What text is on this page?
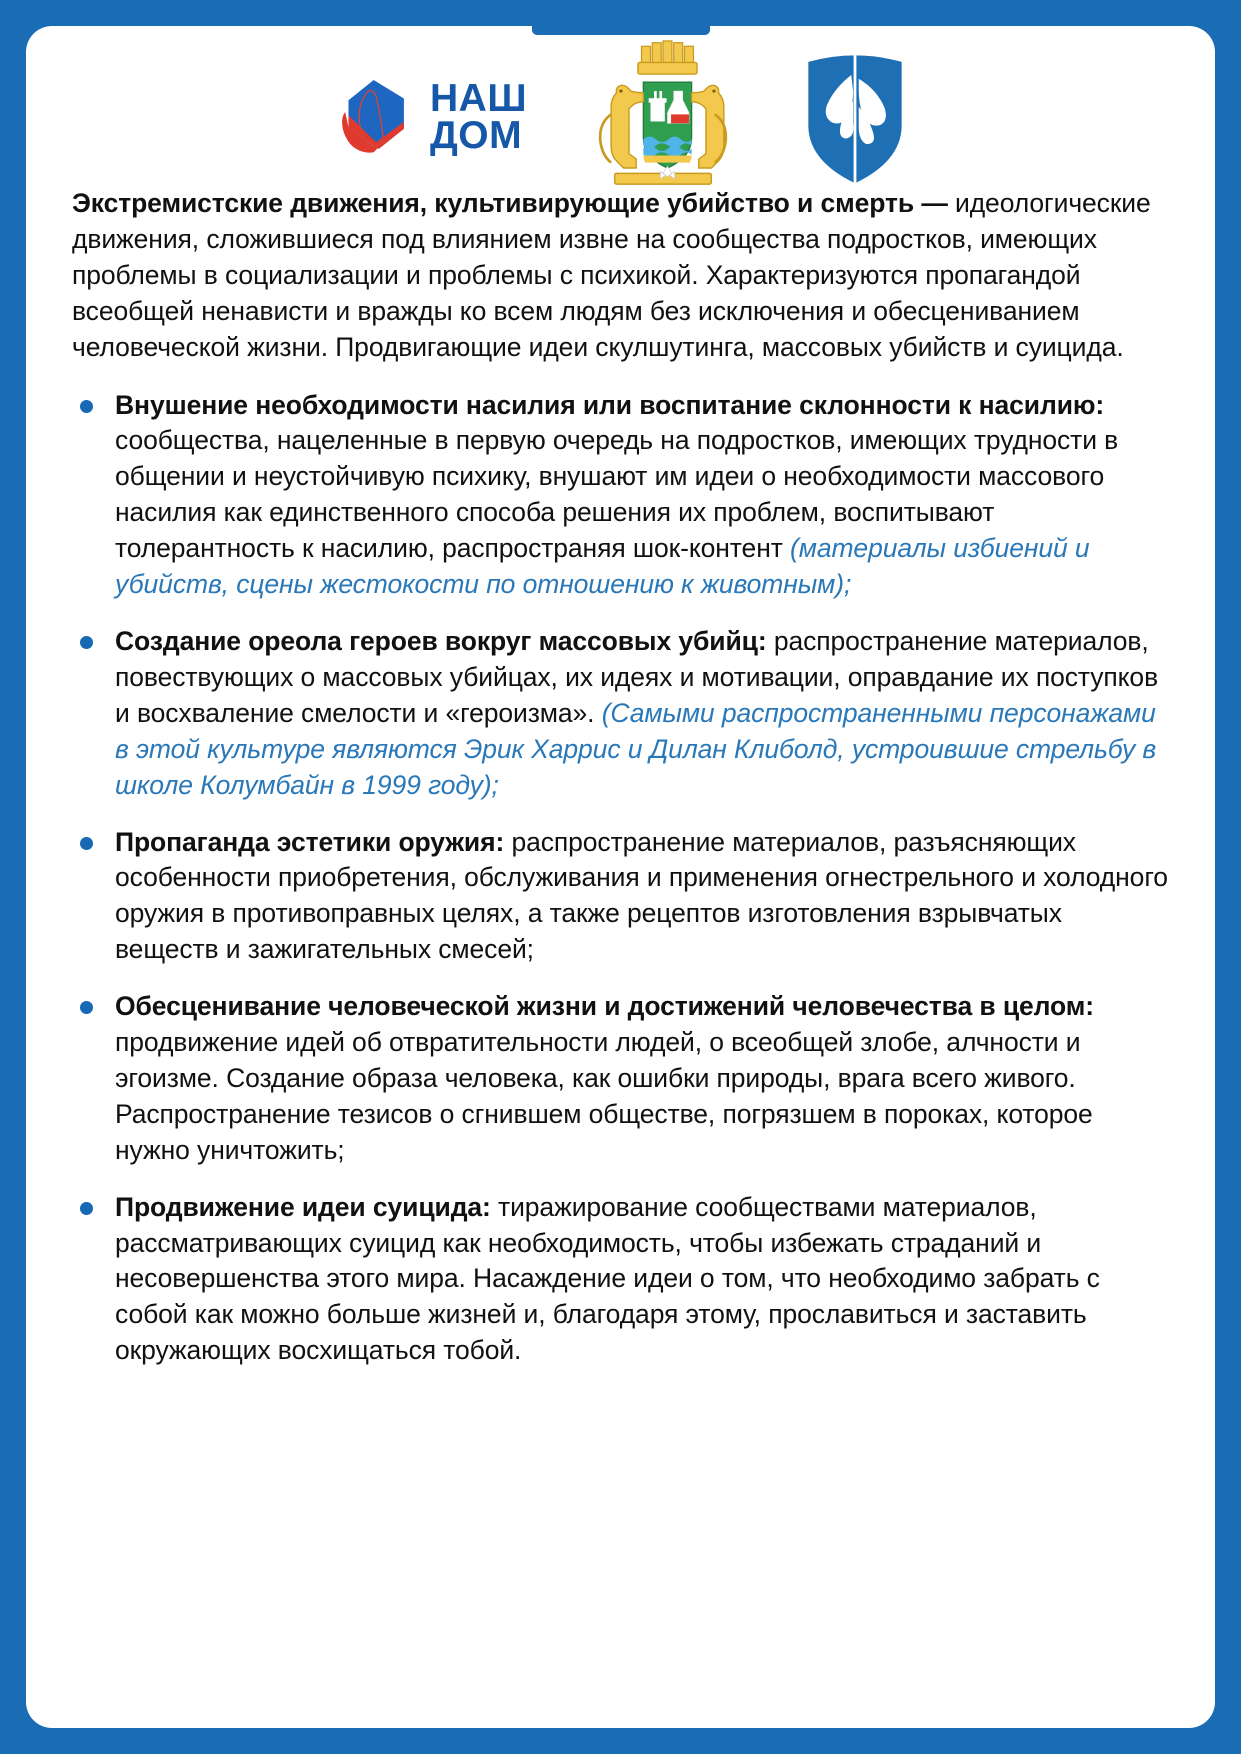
НАШ
ДОМ

Экстремистские движения, культивирующие убийство и смерть — идеологические движения, сложившиеся под влиянием извне на сообщества подростков, имеющих проблемы в социализации и проблемы с психикой. Характеризуются пропагандой всеобщей ненависти и вражды ко всем людям без исключения и обесцениванием человеческой жизни. Продвигающие идеи скулшутинга, массовых убийств и суицида.

Внушение необходимости насилия или воспитание склонности к насилию: сообщества, нацеленные в первую очередь на подростков, имеющих трудности в общении и неустойчивую психику, внушают им идеи о необходимости массового насилия как единственного способа решения их проблем, воспитывают толерантность к насилию, распространяя шок-контент (материалы избиений и убийств, сцены жестокости по отношению к животным);
Создание ореола героев вокруг массовых убийц: распространение материалов, повествующих о массовых убийцах, их идеях и мотивации, оправдание их поступков и восхваление смелости и «героизма». (Самыми распространенными персонажами в этой культуре являются Эрик Харрис и Дилан Клиболд, устроившие стрельбу в школе Колумбайн в 1999 году);
Пропаганда эстетики оружия: распространение материалов, разъясняющих особенности приобретения, обслуживания и применения огнестрельного и холодного оружия в противоправных целях, а также рецептов изготовления взрывчатых веществ и зажигательных смесей;
Обесценивание человеческой жизни и достижений человечества в целом: продвижение идей об отвратительности людей, о всеобщей злобе, алчности и эгоизме. Создание образа человека, как ошибки природы, врага всего живого. Распространение тезисов о сгнившем обществе, погрязшем в пороках, которое нужно уничтожить;
Продвижение идеи суицида: тиражирование сообществами материалов, рассматривающих суицид как необходимость, чтобы избежать страданий и несовершенства этого мира. Насаждение идеи о том, что необходимо забрать с собой как можно больше жизней и, благодаря этому, прославиться и заставить окружающих восхищаться тобой.
